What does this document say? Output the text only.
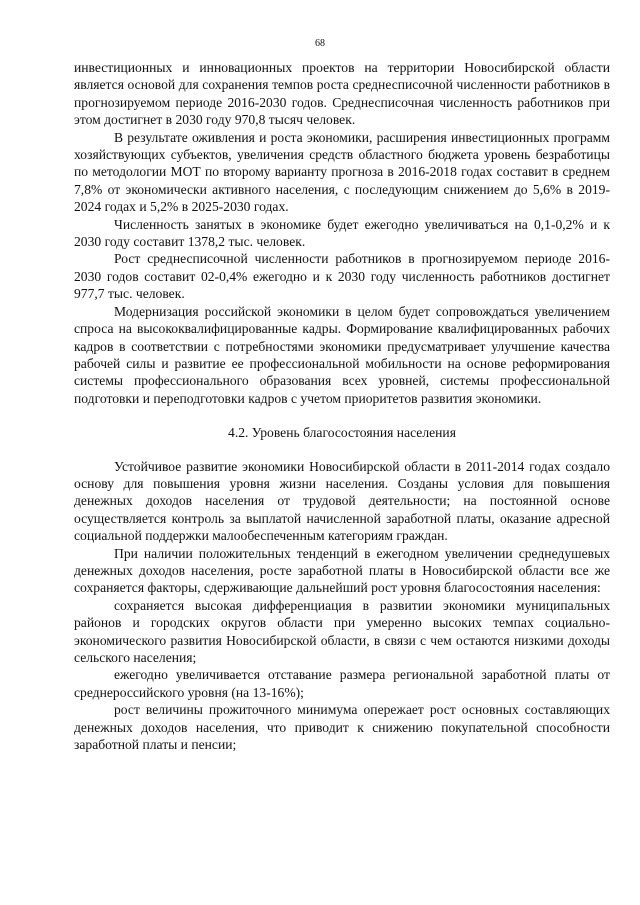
68

инвестиционных и инновационных проектов на территории Новосибирской области является основой для сохранения темпов роста среднесписочной численности работников в прогнозируемом периоде 2016-2030 годов. Среднесписочная численность работников при этом достигнет в 2030 году 970,8 тысяч человек.

В результате оживления и роста экономики, расширения инвестиционных программ хозяйствующих субъектов, увеличения средств областного бюджета уровень безработицы по методологии МОТ по второму варианту прогноза в 2016-2018 годах составит в среднем 7,8% от экономически активного населения, с последующим снижением до 5,6% в 2019-2024 годах и 5,2% в 2025-2030 годах.

Численность занятых в экономике будет ежегодно увеличиваться на 0,1-0,2% и к 2030 году составит 1378,2 тыс. человек.

Рост среднесписочной численности работников в прогнозируемом периоде 2016-2030 годов составит 02-0,4% ежегодно и к 2030 году численность работников достигнет 977,7 тыс. человек.

Модернизация российской экономики в целом будет сопровождаться увеличением спроса на высококвалифицированные кадры. Формирование квалифицированных рабочих кадров в соответствии с потребностями экономики предусматривает улучшение качества рабочей силы и развитие ее профессиональной мобильности на основе реформирования системы профессионального образования всех уровней, системы профессиональной подготовки и переподготовки кадров с учетом приоритетов развития экономики.

4.2. Уровень благосостояния населения

Устойчивое развитие экономики Новосибирской области в 2011-2014 годах создало основу для повышения уровня жизни населения. Созданы условия для повышения денежных доходов населения от трудовой деятельности; на постоянной основе осуществляется контроль за выплатой начисленной заработной платы, оказание адресной социальной поддержки малообеспеченным категориям граждан.

При наличии положительных тенденций в ежегодном увеличении среднедушевых денежных доходов населения, росте заработной платы в Новосибирской области все же сохраняется факторы, сдерживающие дальнейший рост уровня благосостояния населения:

сохраняется высокая дифференциация в развитии экономики муниципальных районов и городских округов области при умеренно высоких темпах социально-экономического развития Новосибирской области, в связи с чем остаются низкими доходы сельского населения;

ежегодно увеличивается отставание размера региональной заработной платы от среднероссийского уровня (на 13-16%);

рост величины прожиточного минимума опережает рост основных составляющих денежных доходов населения, что приводит к снижению покупательной способности заработной платы и пенсии;
